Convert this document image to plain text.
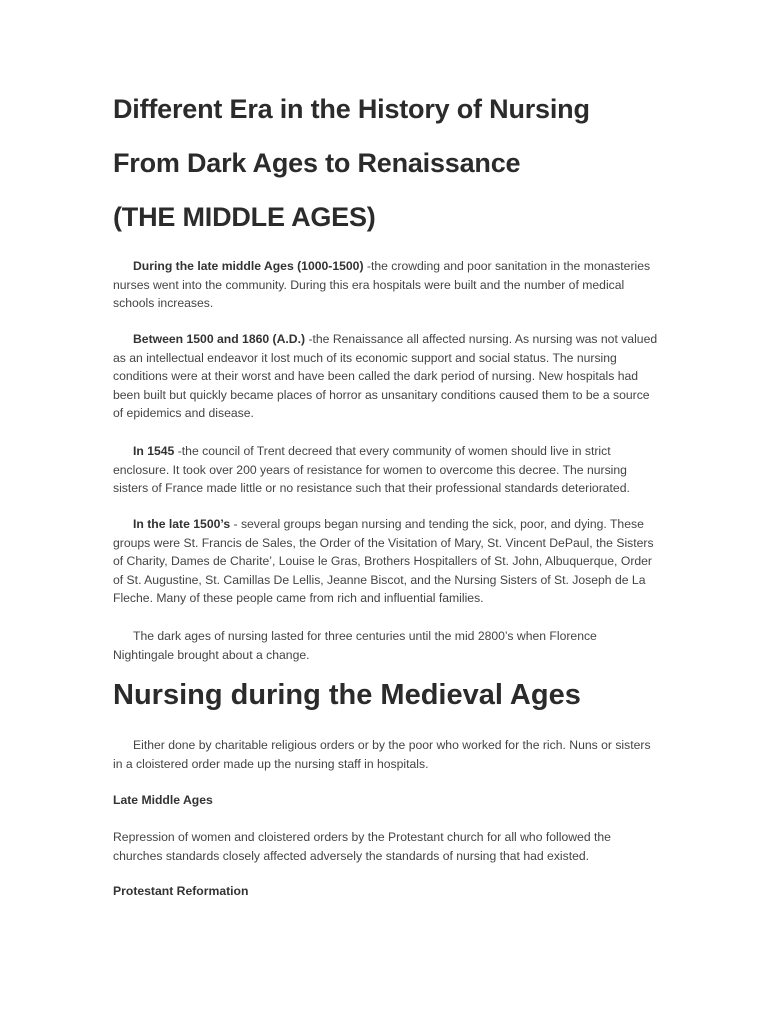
Different Era in the History of Nursing
From Dark Ages to Renaissance
(THE MIDDLE AGES)
During the late middle Ages (1000-1500) -the crowding and poor sanitation in the monasteries nurses went into the community. During this era hospitals were built and the number of medical schools increases.
Between 1500 and 1860 (A.D.) -the Renaissance all affected nursing. As nursing was not valued as an intellectual endeavor it lost much of its economic support and social status. The nursing conditions were at their worst and have been called the dark period of nursing. New hospitals had been built but quickly became places of horror as unsanitary conditions caused them to be a source of epidemics and disease.
In 1545 -the council of Trent decreed that every community of women should live in strict enclosure. It took over 200 years of resistance for women to overcome this decree. The nursing sisters of France made little or no resistance such that their professional standards deteriorated.
In the late 1500’s - several groups began nursing and tending the sick, poor, and dying. These groups were St. Francis de Sales, the Order of the Visitation of Mary, St. Vincent DePaul, the Sisters of Charity, Dames de Charite’, Louise le Gras, Brothers Hospitallers of St. John, Albuquerque, Order of St. Augustine, St. Camillas De Lellis, Jeanne Biscot, and the Nursing Sisters of St. Joseph de La Fleche. Many of these people came from rich and influential families.
The dark ages of nursing lasted for three centuries until the mid 2800’s when Florence Nightingale brought about a change.
Nursing during the Medieval Ages
Either done by charitable religious orders or by the poor who worked for the rich. Nuns or sisters in a cloistered order made up the nursing staff in hospitals.
Late Middle Ages
Repression of women and cloistered orders by the Protestant church for all who followed the churches standards closely affected adversely the standards of nursing that had existed.
Protestant Reformation
